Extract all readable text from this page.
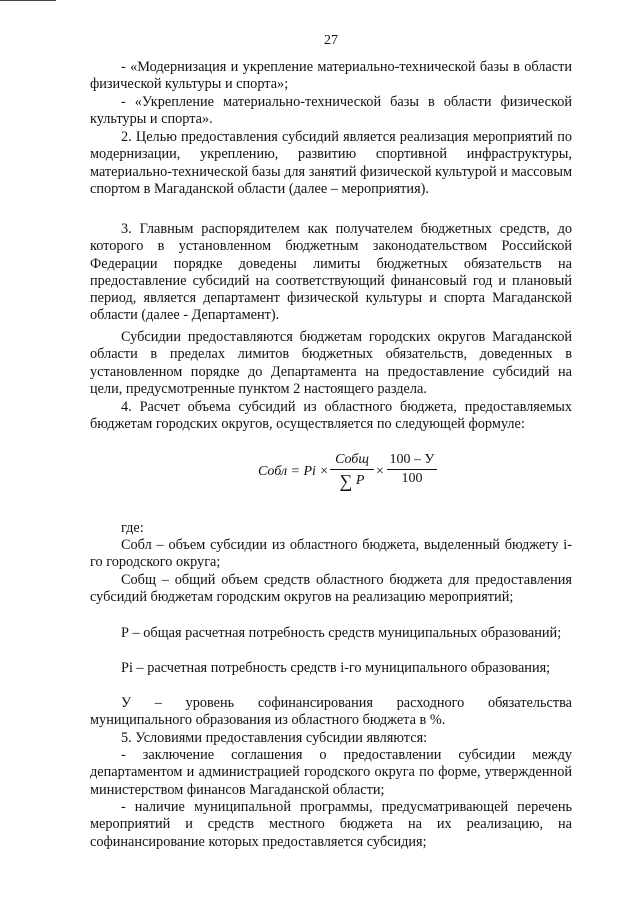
27

- «Модернизация и укрепление материально-технической базы в области физической культуры и спорта»;

- «Укрепление материально-технической базы в области физической культуры и спорта».

2. Целью предоставления субсидий является реализация мероприятий по модернизации, укреплению, развитию спортивной инфраструктуры, материально-технической базы для занятий физической культурой и массовым спортом в Магаданской области (далее – мероприятия).

3. Главным распорядителем как получателем бюджетных средств, до которого в установленном бюджетным законодательством Российской Федерации порядке доведены лимиты бюджетных обязательств на предоставление субсидий на соответствующий финансовый год и плановый период, является департамент физической культуры и спорта Магаданской области (далее - Департамент).

Субсидии предоставляются бюджетам городских округов Магаданской области в пределах лимитов бюджетных обязательств, доведенных в установленном порядке до Департамента на предоставление субсидий на цели, предусмотренные пунктом 2 настоящего раздела.

4. Расчет объема субсидий из областного бюджета, предоставляемых бюджетам городских округов, осуществляется по следующей формуле:

Собл = Рi ×
Собщ
∑ Р
×
100 – У
100

где:

Собл – объем субсидии из областного бюджета, выделенный бюджету i-го городского округа;

Собщ – общий объем средств областного бюджета для предоставления субсидий бюджетам городским округов на реализацию мероприятий;

Р – общая расчетная потребность средств муниципальных образований;

Рi – расчетная потребность средств i-го муниципального образования;

У – уровень софинансирования расходного обязательства муниципального образования из областного бюджета в %.

5. Условиями предоставления субсидии являются:

- заключение соглашения о предоставлении субсидии между департаментом и администрацией городского округа по форме, утвержденной министерством финансов Магаданской области;

- наличие муниципальной программы, предусматривающей перечень мероприятий и средств местного бюджета на их реализацию, на софинансирование которых предоставляется субсидия;
